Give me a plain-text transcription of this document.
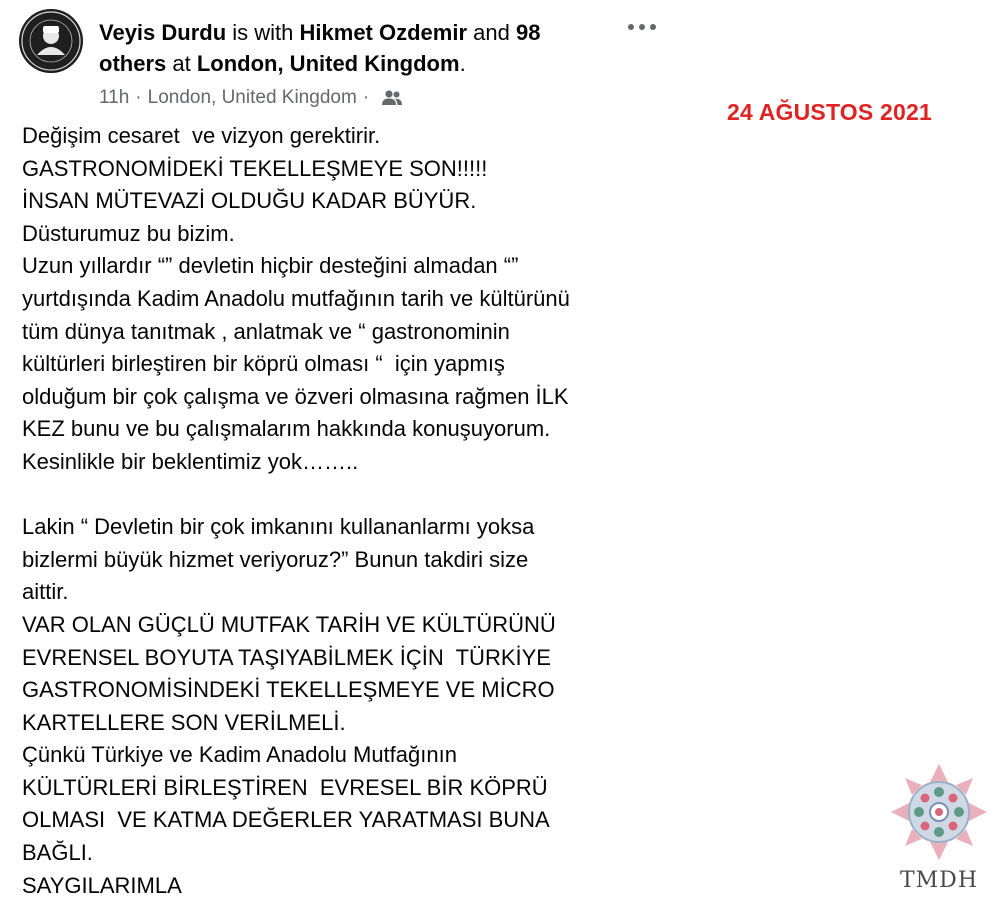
Veyis Durdu is with Hikmet Ozdemir and 98
others at London, United Kingdom.
11h · London, United Kingdom ·
24 AĞUSTOS 2021
Değişim cesaret  ve vizyon gerektirir.
GASTRONOMİDEKİ TEKELLEŞMEYE SON!!!!!
İNSAN MÜTEVAZİ OLDUĞU KADAR BÜYÜR.
Düsturumuz bu bizim.
Uzun yıllardır “” devletin hiçbir desteğini almadan “”
yurtdışında Kadim Anadolu mutfağının tarih ve kültürünü
tüm dünya tanıtmak , anlatmak ve “ gastronominin
kültürleri birleştiren bir köprü olması “  için yapmış
olduğum bir çok çalışma ve özveri olmasına rağmen İLK
KEZ bunu ve bu çalışmalarım hakkında konuşuyorum.
Kesinlikle bir beklentimiz yok……..
Lakin “ Devletin bir çok imkanını kullananlarmı yoksa
bizlermi büyük hizmet veriyoruz?” Bunun takdiri size
aittir.
VAR OLAN GÜÇLÜ MUTFAK TARİH VE KÜLTÜRÜNÜ
EVRENSEL BOYUTA TAŞIYABİLMEK İÇİN  TÜRKİYE
GASTRONOMİSİNDEKİ TEKELLEŞMEYE VE MİCRO
KARTELLERE SON VERİLMELİ.
Çünkü Türkiye ve Kadim Anadolu Mutfağının
KÜLTÜRLERİ BİRLEŞTİREN  EVRESEL BİR KÖPRÜ
OLMASI  VE KATMA DEĞERLER YARATMASI BUNA
BAĞLI.
SAYGILARIMLA	TMDH
